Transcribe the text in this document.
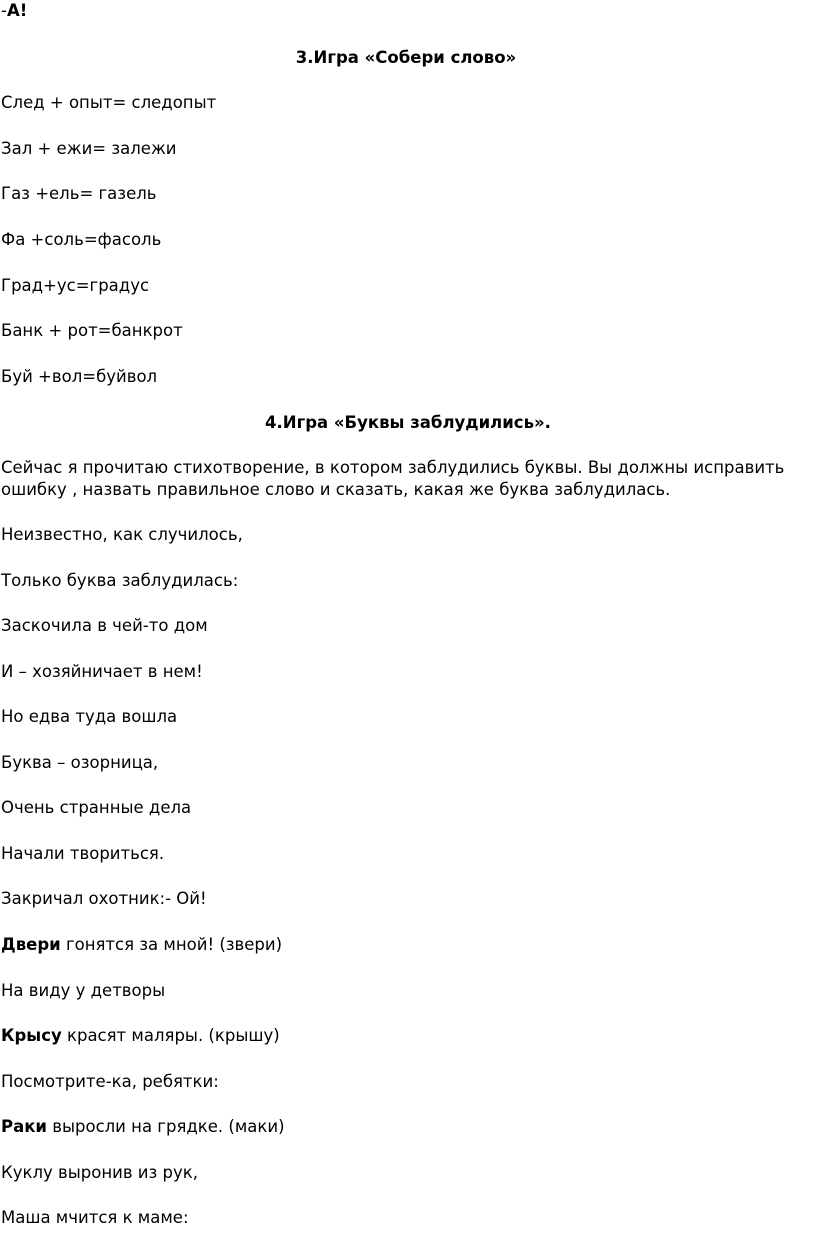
-А!
3.Игра «Собери слово»
След + опыт= следопыт
Зал + ежи= залежи
Газ +ель= газель
Фа +соль=фасоль
Град+ус=градус
Банк + рот=банкрот
Буй +вол=буйвол
4.Игра «Буквы заблудились».
Сейчас я прочитаю стихотворение, в котором заблудились буквы. Вы должны исправить
ошибку , назвать правильное слово и сказать, какая же буква заблудилась.
Неизвестно, как случилось,
Только буква заблудилась:
Заскочила в чей-то дом
И – хозяйничает в нем!
Но едва туда вошла
Буква – озорница,
Очень странные дела
Начали твориться.
Закричал охотник:- Ой!
Двери гонятся за мной! (звери)
На виду у детворы
Крысу красят маляры. (крышу)
Посмотрите-ка, ребятки:
Раки выросли на грядке. (маки)
Куклу выронив из рук,
Маша мчится к маме:
